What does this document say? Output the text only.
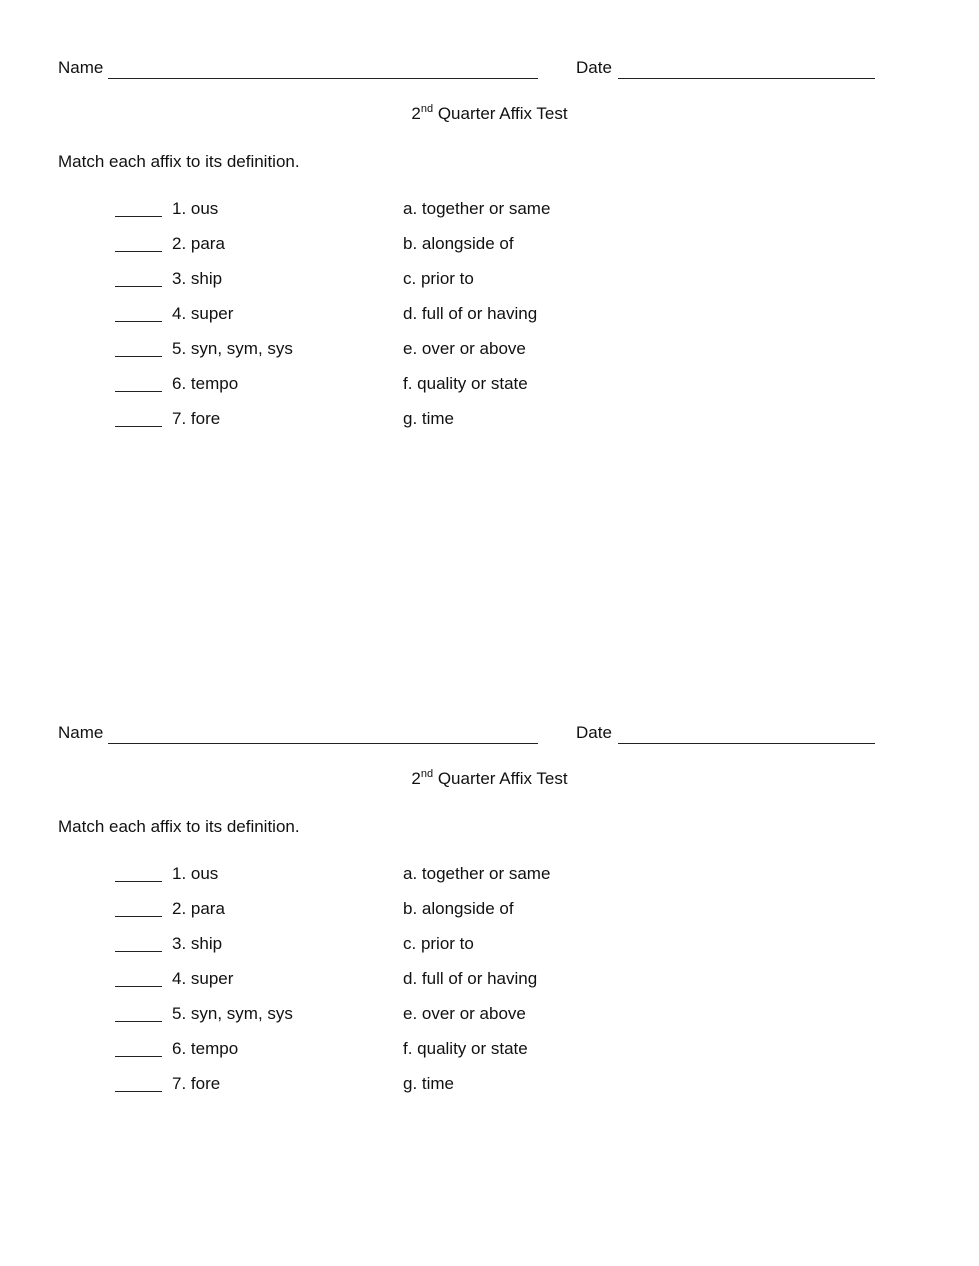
Name	Date
2nd Quarter Affix Test
Match each affix to its definition.
1. ous	a. together or same
2. para	b. alongside of
3. ship	c. prior to
4. super	d. full of or having
5. syn, sym, sys	e. over or above
6. tempo	f. quality or state
7. fore	g. time
Name	Date
2nd Quarter Affix Test
Match each affix to its definition.
1. ous	a. together or same
2. para	b. alongside of
3. ship	c. prior to
4. super	d. full of or having
5. syn, sym, sys	e. over or above
6. tempo	f. quality or state
7. fore	g. time
